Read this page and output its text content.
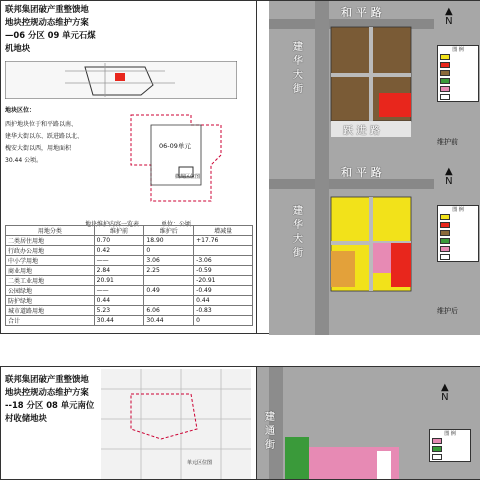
联邦集团破产重整馈地
地块控规动态维护方案
—06 分区 09 单元石煤
机地块
地块区位：
西护地块位于和平路以南、
建华大街以东、跃进路以北、
槐安大街以西，用地面积
30.44 公顷。
06-09单元
微规区位图
地块维护内容一览表	单位：公顷
用地分类	维护前	维护后	增减量
二类居住用地	0.70	18.90	+17.76
行政办公用地	0.42	0	
中小学用地	——	3.06	-3.06
商业用地	2.84	2.25	-0.59
二类工业用地	20.91		-20.91
公园绿地	——	0.49	-0.49
防护绿地	0.44		0.44
城市道路用地	5.23	6.06	-0.83
合计	30.44	30.44	0
和 平 路
建
华
大
街
跃 进 路
▲
N
图 例
维护前
和 平 路
建
华
大
街
▲
N
图 例
维护后
联邦集团破产重整馈地
地块控规动态维护方案
--18 分区 08 单元南位
村收储地块
单元区位图
建
通
街
▲
N
图 例
